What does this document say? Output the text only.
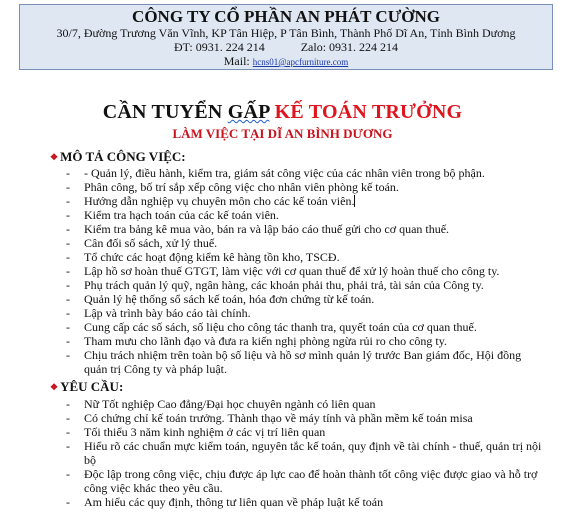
CÔNG TY CỔ PHẦN AN PHÁT CƯỜNG
30/7, Đường Trương Văn Vĩnh, KP Tân Hiệp, P Tân Bình, Thành Phố Dĩ An, Tỉnh Bình Dương
ĐT: 0931. 224 214	Zalo: 0931. 224 214
Mail: hcns01@apcfurniture.com
CẦN TUYỂN GẤP KẾ TOÁN TRƯỞNG
LÀM VIỆC TẠI DĨ AN BÌNH DƯƠNG
❖ MÔ TẢ CÔNG VIỆC:
- - Quản lý, điều hành, kiểm tra, giám sát công việc của các nhân viên trong bộ phận.
- Phân công, bố trí sắp xếp công việc cho nhân viên phòng kế toán.
- Hướng dẫn nghiệp vụ chuyên môn cho các kế toán viên.
- Kiểm tra hạch toán của các kế toán viên.
- Kiểm tra bảng kê mua vào, bán ra và lập báo cáo thuế gửi cho cơ quan thuế.
- Cân đối số sách, xử lý thuế.
- Tổ chức các hoạt động kiểm kê hàng tồn kho, TSCĐ.
- Lập hồ sơ hoàn thuế GTGT, làm việc với cơ quan thuế để xử lý hoàn thuế cho công ty.
- Phụ trách quản lý quỹ, ngân hàng, các khoản phải thu, phải trả, tài sản của Công ty.
- Quản lý hệ thống sổ sách kế toán, hóa đơn chứng từ kế toán.
- Lập và trình bày báo cáo tài chính.
- Cung cấp các số sách, số liệu cho công tác thanh tra, quyết toán của cơ quan thuế.
- Tham mưu cho lãnh đạo và đưa ra kiến nghị phòng ngừa rủi ro cho công ty.
- Chịu trách nhiệm trên toàn bộ số liệu và hồ sơ mình quản lý trước Ban giám đốc, Hội đồng quản trị Công ty và pháp luật.
❖ YÊU CẦU:
- Nữ Tốt nghiệp Cao đẳng/Đại học chuyên ngành có liên quan
- Có chứng chỉ kế toán trưởng. Thành thạo về máy tính và phần mềm kế toán misa
- Tối thiểu 3 năm kinh nghiệm ở các vị trí liên quan
- Hiểu rõ các chuẩn mực kiểm toán, nguyên tắc kế toán, quy định về tài chính - thuế, quản trị nội bộ
- Độc lập trong công việc, chịu được áp lực cao để hoàn thành tốt công việc được giao và hỗ trợ công việc khác theo yêu cầu.
- Am hiểu các quy định, thông tư liên quan về pháp luật kế toán
